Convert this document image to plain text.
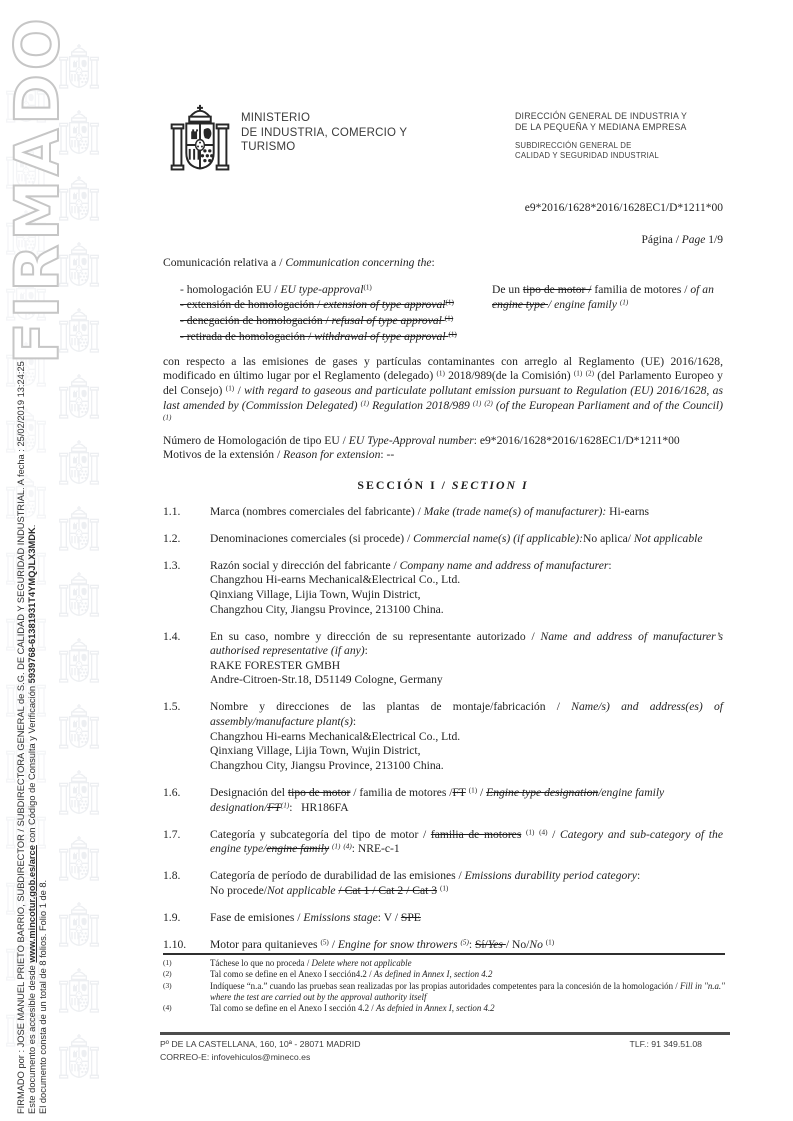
FIRMADO
FIRMADO por : JOSE MANUEL PRIETO BARRIO, SUBDIRECTOR / SUBDIRECTORA GENERAL de S.G. DE CALIDAD Y SEGURIDAD INDUSTRIAL. A fecha : 25/02/2019 13:24:25 Este documento es accesible desde www.mincotur.gob.es/arce con Código de Consulta y Verificación 5939768-61381931T4YMQJLX3MDK.
El documento consta de un total de 8 folios. Folio 1 de 8.
MINISTERIO
DE INDUSTRIA, COMERCIO Y
TURISMO
DIRECCIÓN GENERAL DE INDUSTRIA Y
DE LA PEQUEÑA Y MEDIANA EMPRESA
SUBDIRECCIÓN GENERAL DE
CALIDAD Y SEGURIDAD INDUSTRIAL
e9*2016/1628*2016/1628EC1/D*1211*00
Página / Page 1/9
Comunicación relativa a / Communication concerning the:
- homologación EU / EU type-approval$^{(1)}$
- extensión de homologación / extension of type approval$^{(1)}$
- denegación de homologación / refusal of type approval $^{(1)}$
- retirada de homologación / withdrawal of type approval $^{(1)}$
De un tipo de motor / familia de motores / of an engine type / engine family $^{(1)}$
con respecto a las emisiones de gases y partículas contaminantes con arreglo al Reglamento (UE) 2016/1628, modificado en último lugar por el Reglamento (delegado) $^{(1)}$ 2018/989(de la Comisión) $^{(1)}$ $^{(2)}$ (del Parlamento Europeo y del Consejo) $^{(1)}$ / with regard to gaseous and particulate pollutant emission pursuant to Regulation (EU) 2016/1628, as last amended by (Commission Delegated) $^{(1)}$ Regulation 2018/989 $^{(1)}$ $^{(2)}$ (of the European Parliament and of the Council) $^{(1)}$
Número de Homologación de tipo EU / EU Type-Approval number: e9*2016/1628*2016/1628EC1/D*1211*00
Motivos de la extensión / Reason for extension: --
SECCIÓN I / SECTION I
1.1.	Marca (nombres comerciales del fabricante) / Make (trade name(s) of manufacturer): Hi-earns
1.2.	Denominaciones comerciales (si procede) / Commercial name(s) (if applicable):No aplica/ Not applicable
1.3.	Razón social y dirección del fabricante / Company name and address of manufacturer:
Changzhou Hi-earns Mechanical&Electrical Co., Ltd.
Qinxiang Village, Lijia Town, Wujin District,
Changzhou City, Jiangsu Province, 213100 China.
1.4.	En su caso, nombre y dirección de su representante autorizado / Name and address of manufacturer’s authorised representative (if any):
RAKE FORESTER GMBH
Andre-Citroen-Str.18, D51149 Cologne, Germany
1.5.	Nombre y direcciones de las plantas de montaje/fabricación / Name/s) and address(es) of assembly/manufacture plant(s):
Changzhou Hi-earns Mechanical&Electrical Co., Ltd.
Qinxiang Village, Lijia Town, Wujin District,
Changzhou City, Jiangsu Province, 213100 China.
1.6.	Designación del tipo de motor / familia de motores /FT $^{(1)}$ / Engine type designation/engine family designation/FT$^{(1)}$:   HR186FA
1.7.	Categoría y subcategoría del tipo de motor / familia de motores $^{(1)}$ $^{(4)}$ / Category and sub-category of the engine type/engine family $^{(1)}$ $^{(4)}$: NRE-c-1
1.8.	Categoría de período de durabilidad de las emisiones / Emissions durability period category:
No procede/Not applicable / Cat 1 / Cat 2 / Cat 3 $^{(1)}$
1.9.	Fase de emisiones / Emissions stage: V / SPE
1.10.	Motor para quitanieves $^{(5)}$ / Engine for snow throwers $^{(5)}$: Sí/Yes / No/No $^{(1)}$
(1)	Táchese lo que no proceda / Delete where not applicable
(2)	Tal como se define en el Anexo I sección4.2 / As defined in Annex I, section 4.2
(3)	Indíquese “n.a.” cuando las pruebas sean realizadas por las propias autoridades competentes para la concesión de la homologación / Fill in "n.a." where the test are carried out by the approval authority itself
(4)	Tal como se define en el Anexo I sección 4.2 / As defnied in Annex I, section 4.2
Pº DE LA CASTELLANA, 160, 10ª - 28071 MADRID	TLF.: 91 349.51.08
CORREO-E: infovehiculos@mineco.es
